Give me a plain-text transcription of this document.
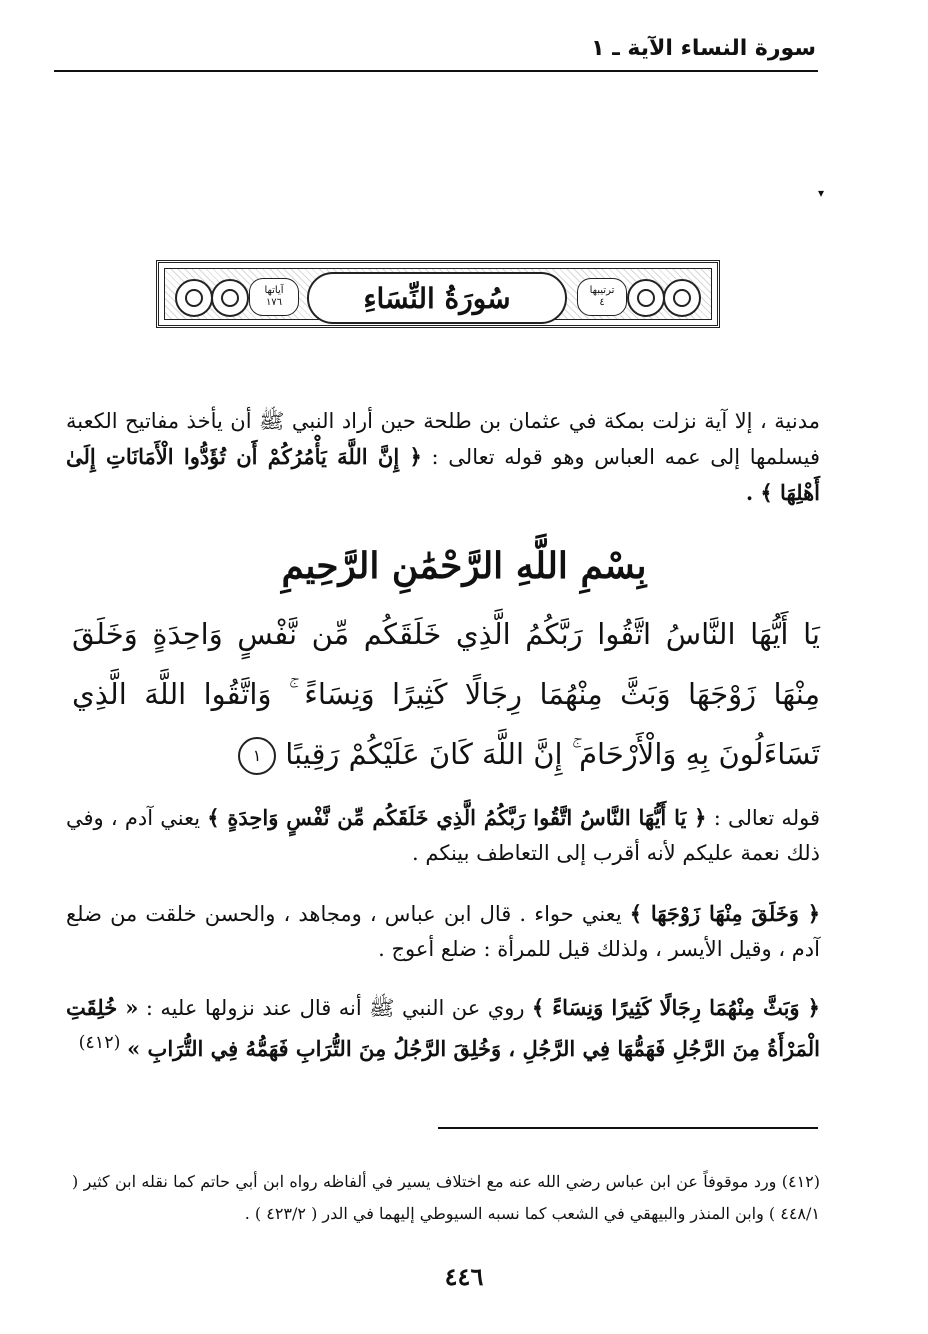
سورة النساء الآية ـ ١
▾
آياتها
١٧٦	سُورَةُ النِّسَاءِ	ترتيبها
٤
مدنية ، إلا آية نزلت بمكة في عثمان بن طلحة حين أراد النبي ﷺ أن يأخذ مفاتيح الكعبة فيسلمها إلى عمه العباس وهو قوله تعالى : ﴿ إِنَّ اللَّهَ يَأْمُرُكُمْ أَن تُؤَدُّوا الْأَمَانَاتِ إِلَىٰ أَهْلِهَا ﴾ .
بِسْمِ اللَّهِ الرَّحْمَٰنِ الرَّحِيمِ
يَا أَيُّهَا النَّاسُ اتَّقُوا رَبَّكُمُ الَّذِي خَلَقَكُم مِّن نَّفْسٍ وَاحِدَةٍ وَخَلَقَ مِنْهَا زَوْجَهَا وَبَثَّ مِنْهُمَا رِجَالًا كَثِيرًا وَنِسَاءً ۚ وَاتَّقُوا اللَّهَ الَّذِي تَسَاءَلُونَ بِهِ وَالْأَرْحَامَ ۚ إِنَّ اللَّهَ كَانَ عَلَيْكُمْ رَقِيبًا ١
قوله تعالى : ﴿ يَا أَيُّهَا النَّاسُ اتَّقُوا رَبَّكُمُ الَّذِي خَلَقَكُم مِّن نَّفْسٍ وَاحِدَةٍ ﴾ يعني آدم ، وفي ذلك نعمة عليكم لأنه أقرب إلى التعاطف بينكم .
﴿ وَخَلَقَ مِنْهَا زَوْجَهَا ﴾ يعني حواء . قال ابن عباس ، ومجاهد ، والحسن خلقت من ضلع آدم ، وقيل الأيسر ، ولذلك قيل للمرأة : ضلع أعوج .
﴿ وَبَثَّ مِنْهُمَا رِجَالًا كَثِيرًا وَنِسَاءً ﴾ روي عن النبي ﷺ أنه قال عند نزولها عليه : « خُلِقَتِ الْمَرْأَةُ مِنَ الرَّجُلِ فَهَمُّهَا فِي الرَّجُلِ ، وَخُلِقَ الرَّجُلُ مِنَ التُّرَابِ فَهَمُّهُ فِي التُّرَابِ » $^{(٤١٢)}$
(٤١٢) ورد موقوفاً عن ابن عباس رضي الله عنه مع اختلاف يسير في ألفاظه رواه ابن أبي حاتم كما نقله ابن كثير ( ٤٤٨/١ ) وابن المنذر والبيهقي في الشعب كما نسبه السيوطي إليهما في الدر ( ٤٢٣/٢ ) .
٤٤٦
